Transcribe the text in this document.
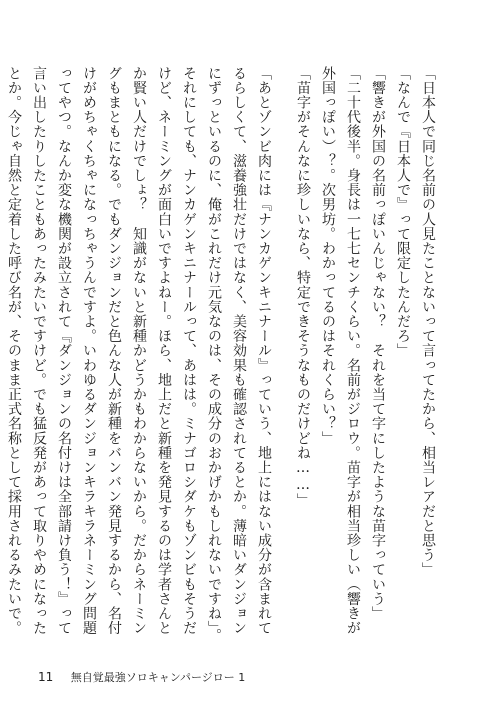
「日本人で同じ名前の人見たことないって言ってたから、相当レアだと思う」

「なんで『日本人で』って限定したんだろ」

「響きが外国の名前っぽいんじゃない？　それを当て字にしたような苗字っていう」

「二十代後半。身長は一七七センチくらい。名前がジロウ。苗字が相当珍しい（響きが外国っぽい）？。次男坊。わかってるのはそれくらい？」

「苗字がそんなに珍しいなら、特定できそうなものだけどね……」

「あとゾンビ肉には『ナンカゲンキニナール』っていう、地上にはない成分が含まれてるらしくて、滋養強壮だけではなく、美容効果も確認されてるとか。薄暗いダンジョンにずっといるのに、俺がこれだけ元気なのは、その成分のおかげかもしれないですね」。それにしても、ナンカゲンキニナールって、あはは。ミナゴロシダケもゾンビもそうだけど、ネーミングが面白いですよねー。ほら、地上だと新種を発見するのは学者さんとか賢い人だけでしょ？　知識がないと新種かどうかもわからないから。だからネーミングもまともになる。でもダンジョンだと色んな人が新種をバンバン発見するから、名付けがめちゃくちゃになっちゃうんですよ。いわゆるダンジョンキラキラネーミング問題ってやつ。なんか変な機関が設立されて『ダンジョンの名付けは全部請け負う！』って言い出したりしたこともあったみたいですけど。でも猛反発があって取りやめになったとか。今じゃ自然と定着した呼び名が、そのまま正式名称として採用されるみたいで。

11 無自覚最強ソロキャンパージロー 1
